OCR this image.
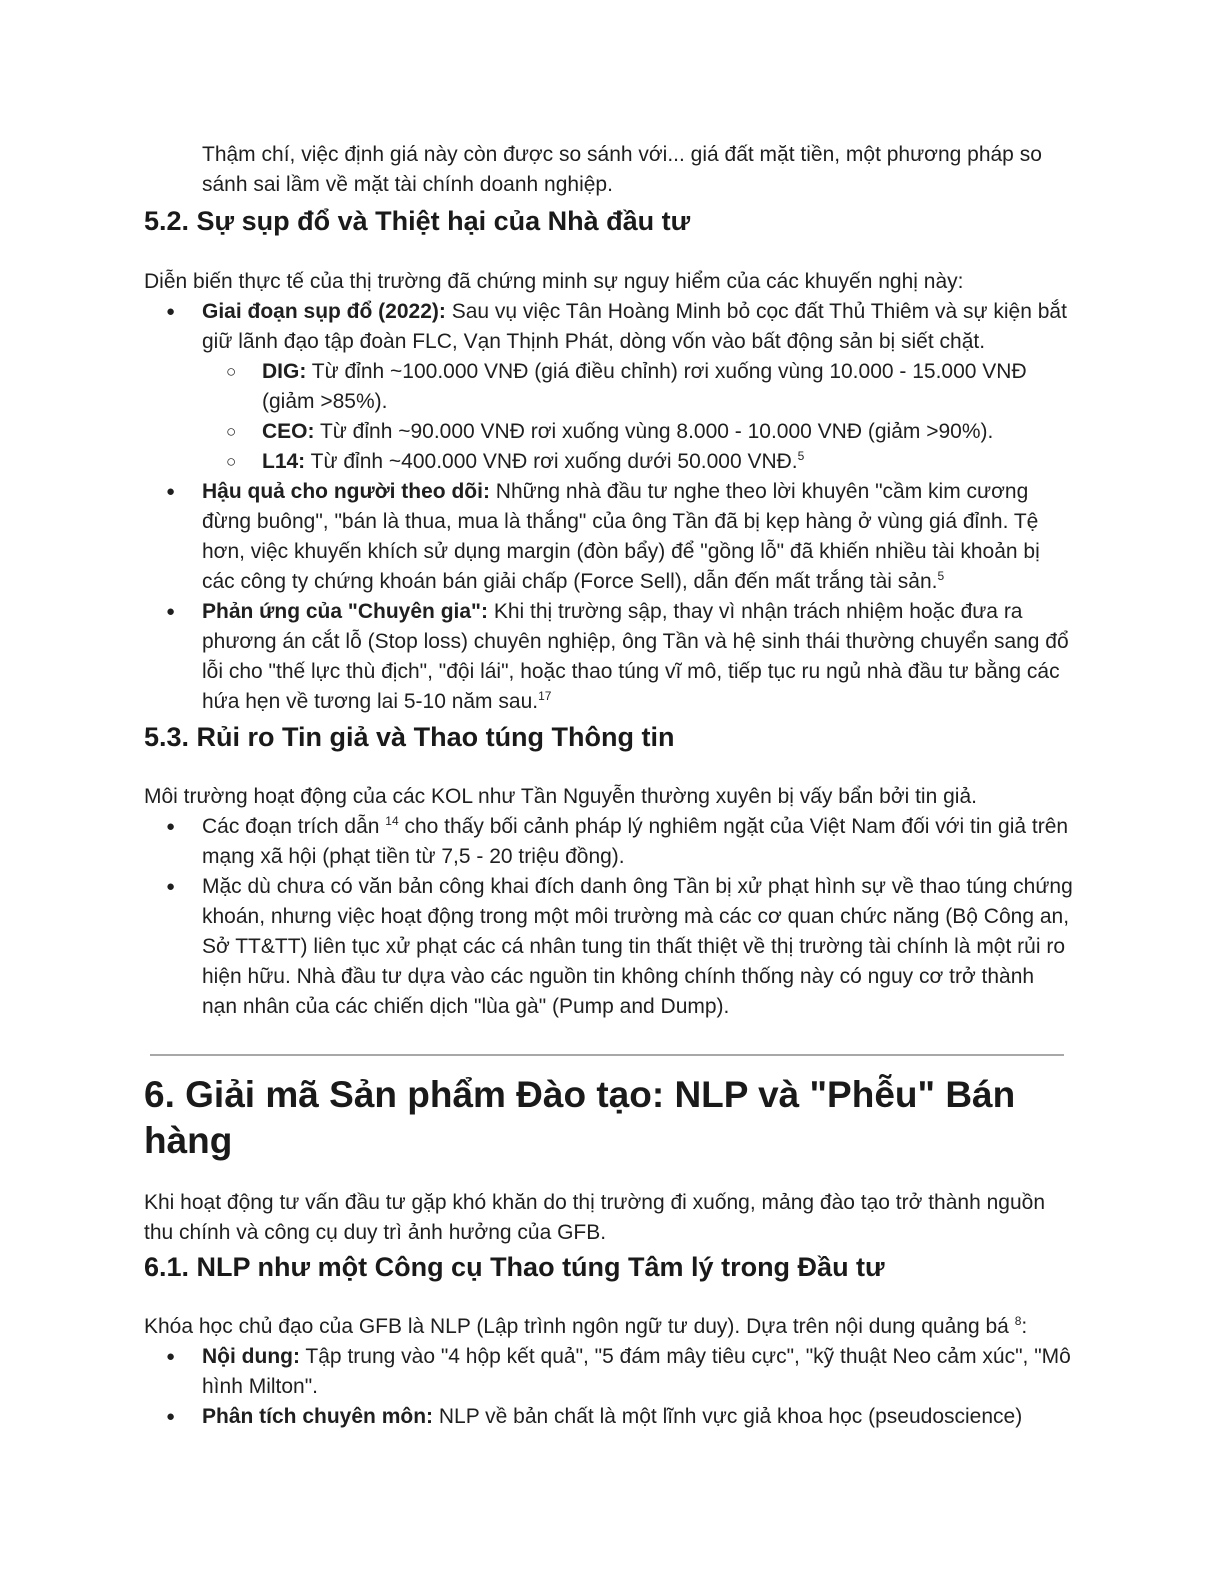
Thậm chí, việc định giá này còn được so sánh với... giá đất mặt tiền, một phương pháp so sánh sai lầm về mặt tài chính doanh nghiệp.

5.2. Sự sụp đổ và Thiệt hại của Nhà đầu tư

Diễn biến thực tế của thị trường đã chứng minh sự nguy hiểm của các khuyến nghị này:

● Giai đoạn sụp đổ (2022): Sau vụ việc Tân Hoàng Minh bỏ cọc đất Thủ Thiêm và sự kiện bắt giữ lãnh đạo tập đoàn FLC, Vạn Thịnh Phát, dòng vốn vào bất động sản bị siết chặt.
○ DIG: Từ đỉnh ~100.000 VNĐ (giá điều chỉnh) rơi xuống vùng 10.000 - 15.000 VNĐ (giảm >85%).
○ CEO: Từ đỉnh ~90.000 VNĐ rơi xuống vùng 8.000 - 10.000 VNĐ (giảm >90%).
○ L14: Từ đỉnh ~400.000 VNĐ rơi xuống dưới 50.000 VNĐ.$^5$
● Hậu quả cho người theo dõi: Những nhà đầu tư nghe theo lời khuyên "cầm kim cương đừng buông", "bán là thua, mua là thắng" của ông Tần đã bị kẹp hàng ở vùng giá đỉnh. Tệ hơn, việc khuyến khích sử dụng margin (đòn bẩy) để "gồng lỗ" đã khiến nhiều tài khoản bị các công ty chứng khoán bán giải chấp (Force Sell), dẫn đến mất trắng tài sản.$^5$
● Phản ứng của "Chuyên gia": Khi thị trường sập, thay vì nhận trách nhiệm hoặc đưa ra phương án cắt lỗ (Stop loss) chuyên nghiệp, ông Tần và hệ sinh thái thường chuyển sang đổ lỗi cho "thế lực thù địch", "đội lái", hoặc thao túng vĩ mô, tiếp tục ru ngủ nhà đầu tư bằng các hứa hẹn về tương lai 5-10 năm sau.$^{17}$
5.3. Rủi ro Tin giả và Thao túng Thông tin

Môi trường hoạt động của các KOL như Tần Nguyễn thường xuyên bị vấy bẩn bởi tin giả.

● Các đoạn trích dẫn $^{14}$ cho thấy bối cảnh pháp lý nghiêm ngặt của Việt Nam đối với tin giả trên mạng xã hội (phạt tiền từ 7,5 - 20 triệu đồng).
● Mặc dù chưa có văn bản công khai đích danh ông Tần bị xử phạt hình sự về thao túng chứng khoán, nhưng việc hoạt động trong một môi trường mà các cơ quan chức năng (Bộ Công an, Sở TT&TT) liên tục xử phạt các cá nhân tung tin thất thiệt về thị trường tài chính là một rủi ro hiện hữu. Nhà đầu tư dựa vào các nguồn tin không chính thống này có nguy cơ trở thành nạn nhân của các chiến dịch "lùa gà" (Pump and Dump).
6. Giải mã Sản phẩm Đào tạo: NLP và "Phễu" Bán hàng

Khi hoạt động tư vấn đầu tư gặp khó khăn do thị trường đi xuống, mảng đào tạo trở thành nguồn thu chính và công cụ duy trì ảnh hưởng của GFB.

6.1. NLP như một Công cụ Thao túng Tâm lý trong Đầu tư

Khóa học chủ đạo của GFB là NLP (Lập trình ngôn ngữ tư duy). Dựa trên nội dung quảng bá $^8$:

● Nội dung: Tập trung vào "4 hộp kết quả", "5 đám mây tiêu cực", "kỹ thuật Neo cảm xúc", "Mô hình Milton".
● Phân tích chuyên môn: NLP về bản chất là một lĩnh vực giả khoa học (pseudoscience)
